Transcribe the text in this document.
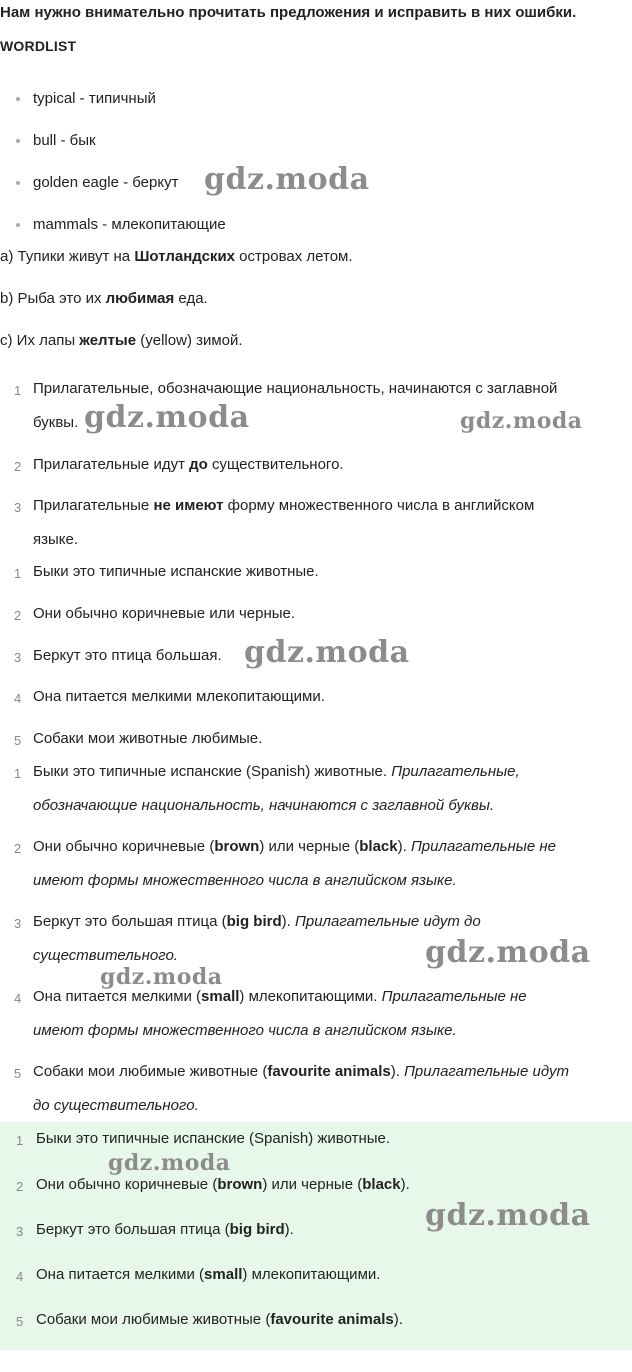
Нам нужно внимательно прочитать предложения и исправить в них ошибки.
WORDLIST
typical - типичный
bull - бык
golden eagle - беркут
mammals - млекопитающие
a) Тупики живут на Шотландских островах летом.
b) Рыба это их любимая еда.
c) Их лапы желтые (yellow) зимой.
1 Прилагательные, обозначающие национальность, начинаются с заглавной
буквы.
2 Прилагательные идут до существительного.
3 Прилагательные не имеют форму множественного числа в английском
языке.
1 Быки это типичные испанские животные.
2 Они обычно коричневые или черные.
3 Беркут это птица большая.
4 Она питается мелкими млекопитающими.
5 Собаки мои животные любимые.
1 Быки это типичные испанские (Spanish) животные. Прилагательные,
обозначающие национальность, начинаются с заглавной буквы.
2 Они обычно коричневые (brown) или черные (black). Прилагательные не
имеют формы множественного числа в английском языке.
3 Беркут это большая птица (big bird). Прилагательные идут до
существительного.
4 Она питается мелкими (small) млекопитающими. Прилагательные не
имеют формы множественного числа в английском языке.
5 Собаки мои любимые животные (favourite animals). Прилагательные идут
до существительного.
1 Быки это типичные испанские (Spanish) животные.
2 Они обычно коричневые (brown) или черные (black).
3 Беркут это большая птица (big bird).
4 Она питается мелкими (small) млекопитающими.
5 Собаки мои любимые животные (favourite animals).
gdz.moda
gdz.moda	gdz.moda
gdz.moda
gdz.moda
gdz.moda
gdz.moda
gdz.moda
